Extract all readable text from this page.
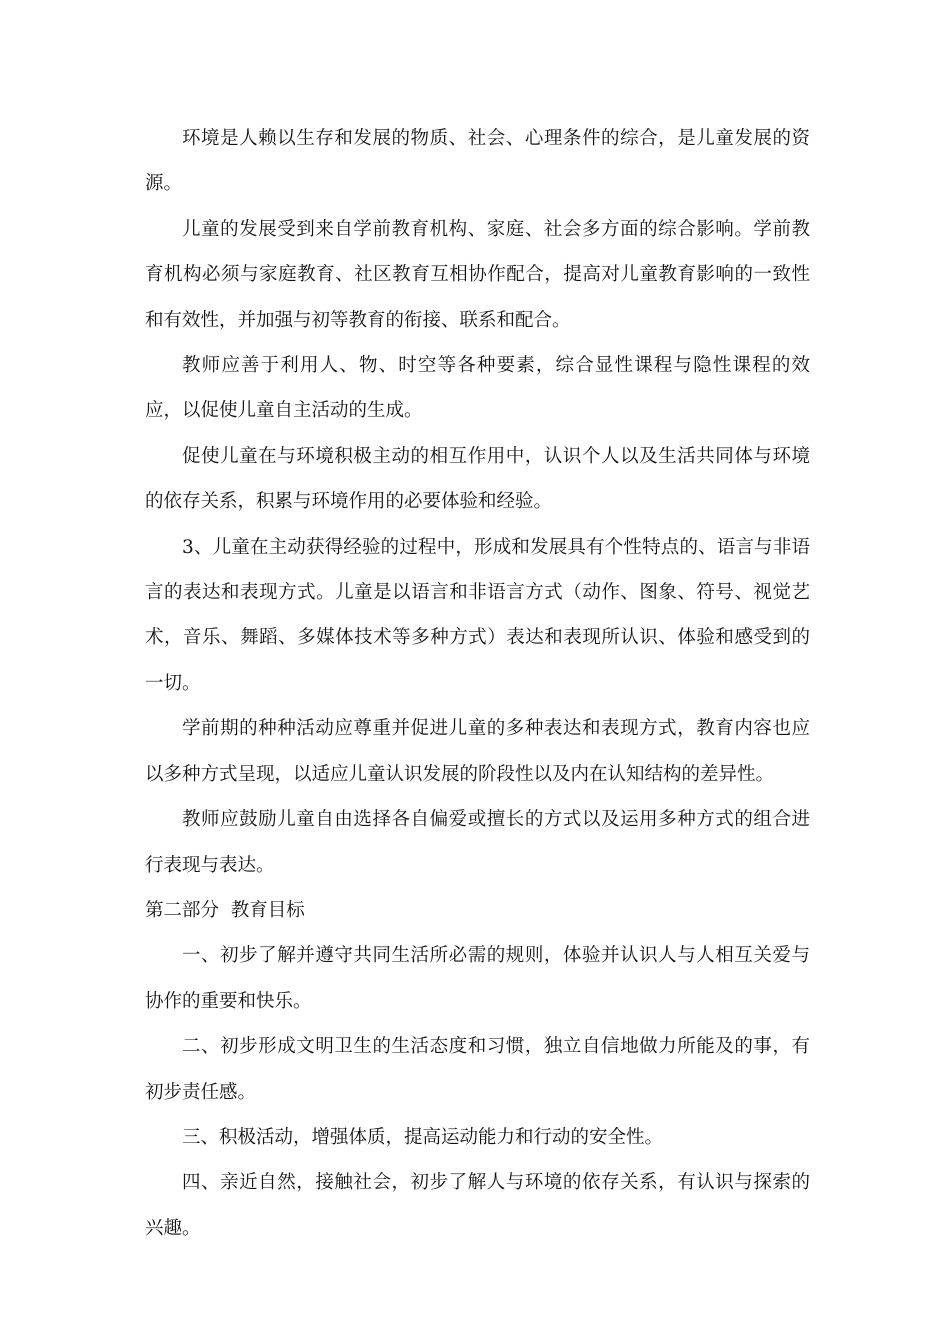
环境是人赖以生存和发展的物质、社会、心理条件的综合，是儿童发展的资源。

儿童的发展受到来自学前教育机构、家庭、社会多方面的综合影响。学前教育机构必须与家庭教育、社区教育互相协作配合，提高对儿童教育影响的一致性和有效性，并加强与初等教育的衔接、联系和配合。

教师应善于利用人、物、时空等各种要素，综合显性课程与隐性课程的效应，以促使儿童自主活动的生成。

促使儿童在与环境积极主动的相互作用中，认识个人以及生活共同体与环境的依存关系，积累与环境作用的必要体验和经验。

3、儿童在主动获得经验的过程中，形成和发展具有个性特点的、语言与非语言的表达和表现方式。儿童是以语言和非语言方式（动作、图象、符号、视觉艺术，音乐、舞蹈、多媒体技术等多种方式）表达和表现所认识、体验和感受到的一切。

学前期的种种活动应尊重并促进儿童的多种表达和表现方式，教育内容也应以多种方式呈现，以适应儿童认识发展的阶段性以及内在认知结构的差异性。

教师应鼓励儿童自由选择各自偏爱或擅长的方式以及运用多种方式的组合进行表现与表达。

第二部分  教育目标

一、初步了解并遵守共同生活所必需的规则，体验并认识人与人相互关爱与协作的重要和快乐。

二、初步形成文明卫生的生活态度和习惯，独立自信地做力所能及的事，有初步责任感。

三、积极活动，增强体质，提高运动能力和行动的安全性。

四、亲近自然，接触社会，初步了解人与环境的依存关系，有认识与探索的兴趣。
